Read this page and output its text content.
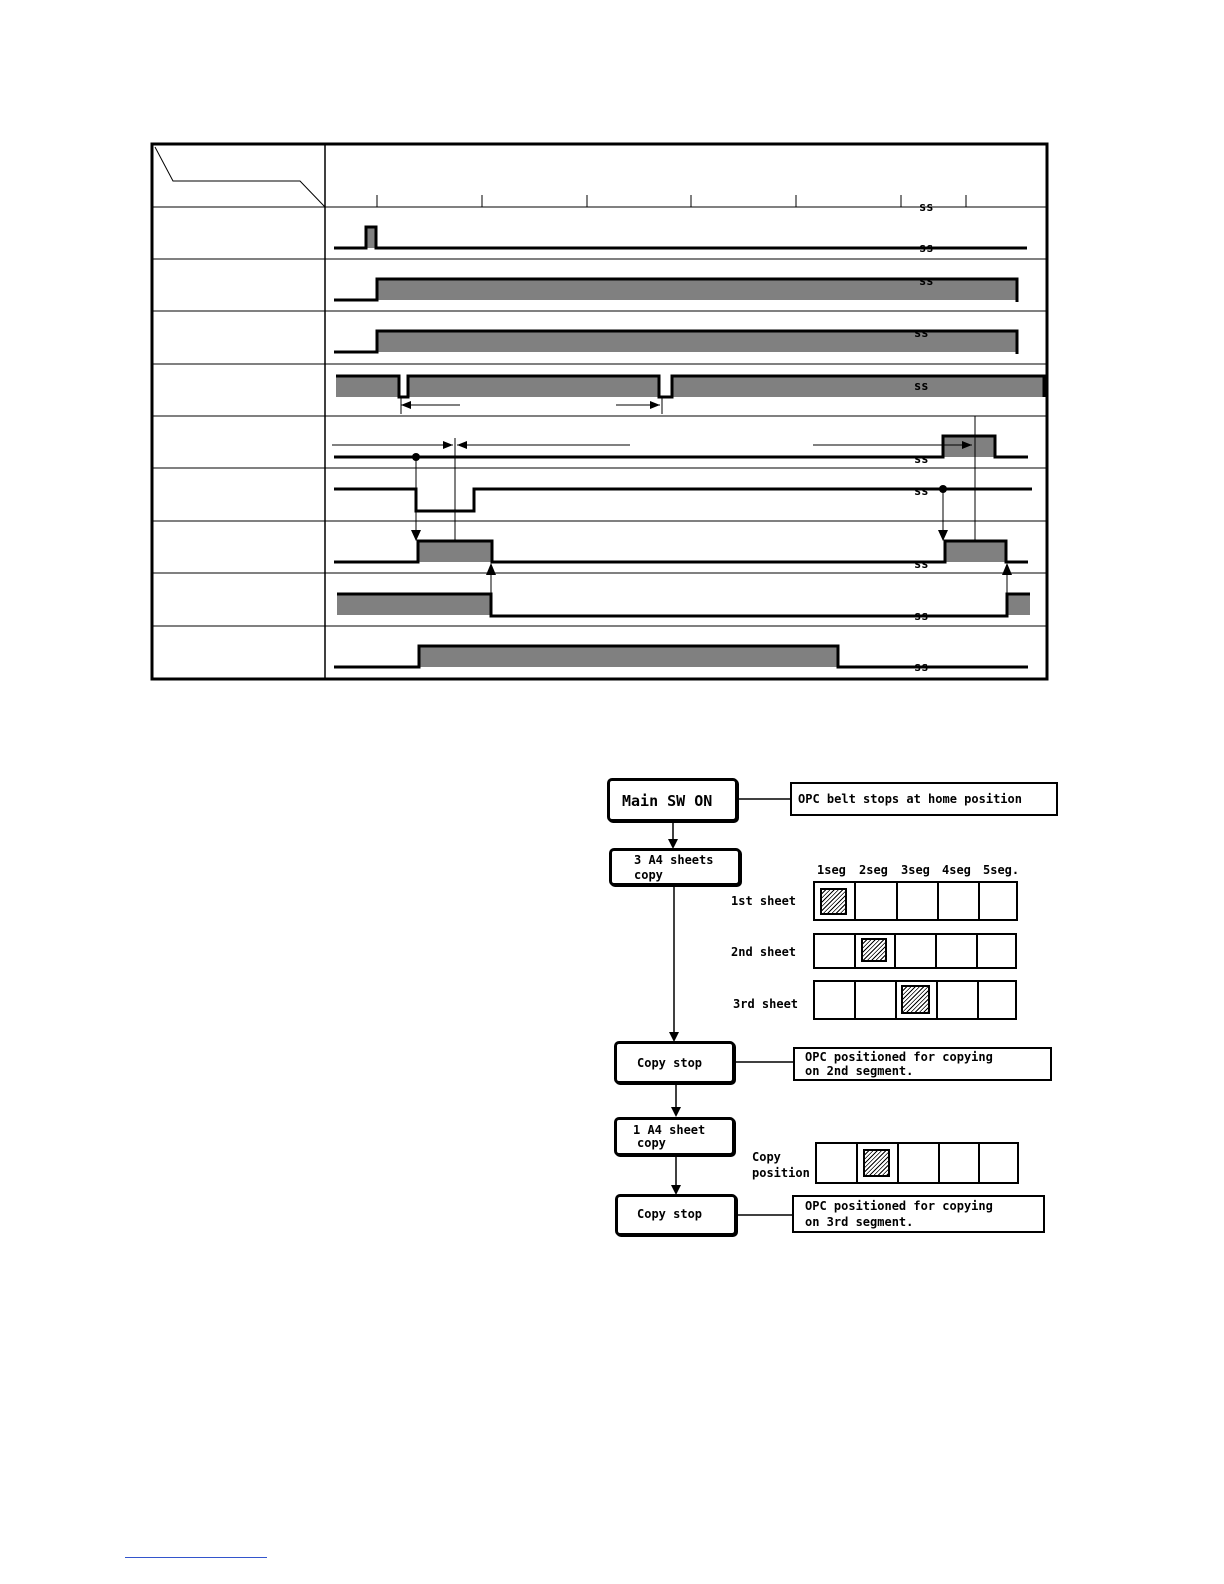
ss
ss
ss
ss
ss
ss
ss
ss
ss
ss
Main SW ON	OPC belt stops at home position
3 A4 sheets
copy	1seg 2seg 3seg 4seg 5seg.
1st sheet
2nd sheet
3rd sheet
Copy stop	OPC positioned for copying
on 2nd segment.
1 A4 sheet
copy
Copy
position
Copy stop
OPC positioned for copying
on 3rd segment.
